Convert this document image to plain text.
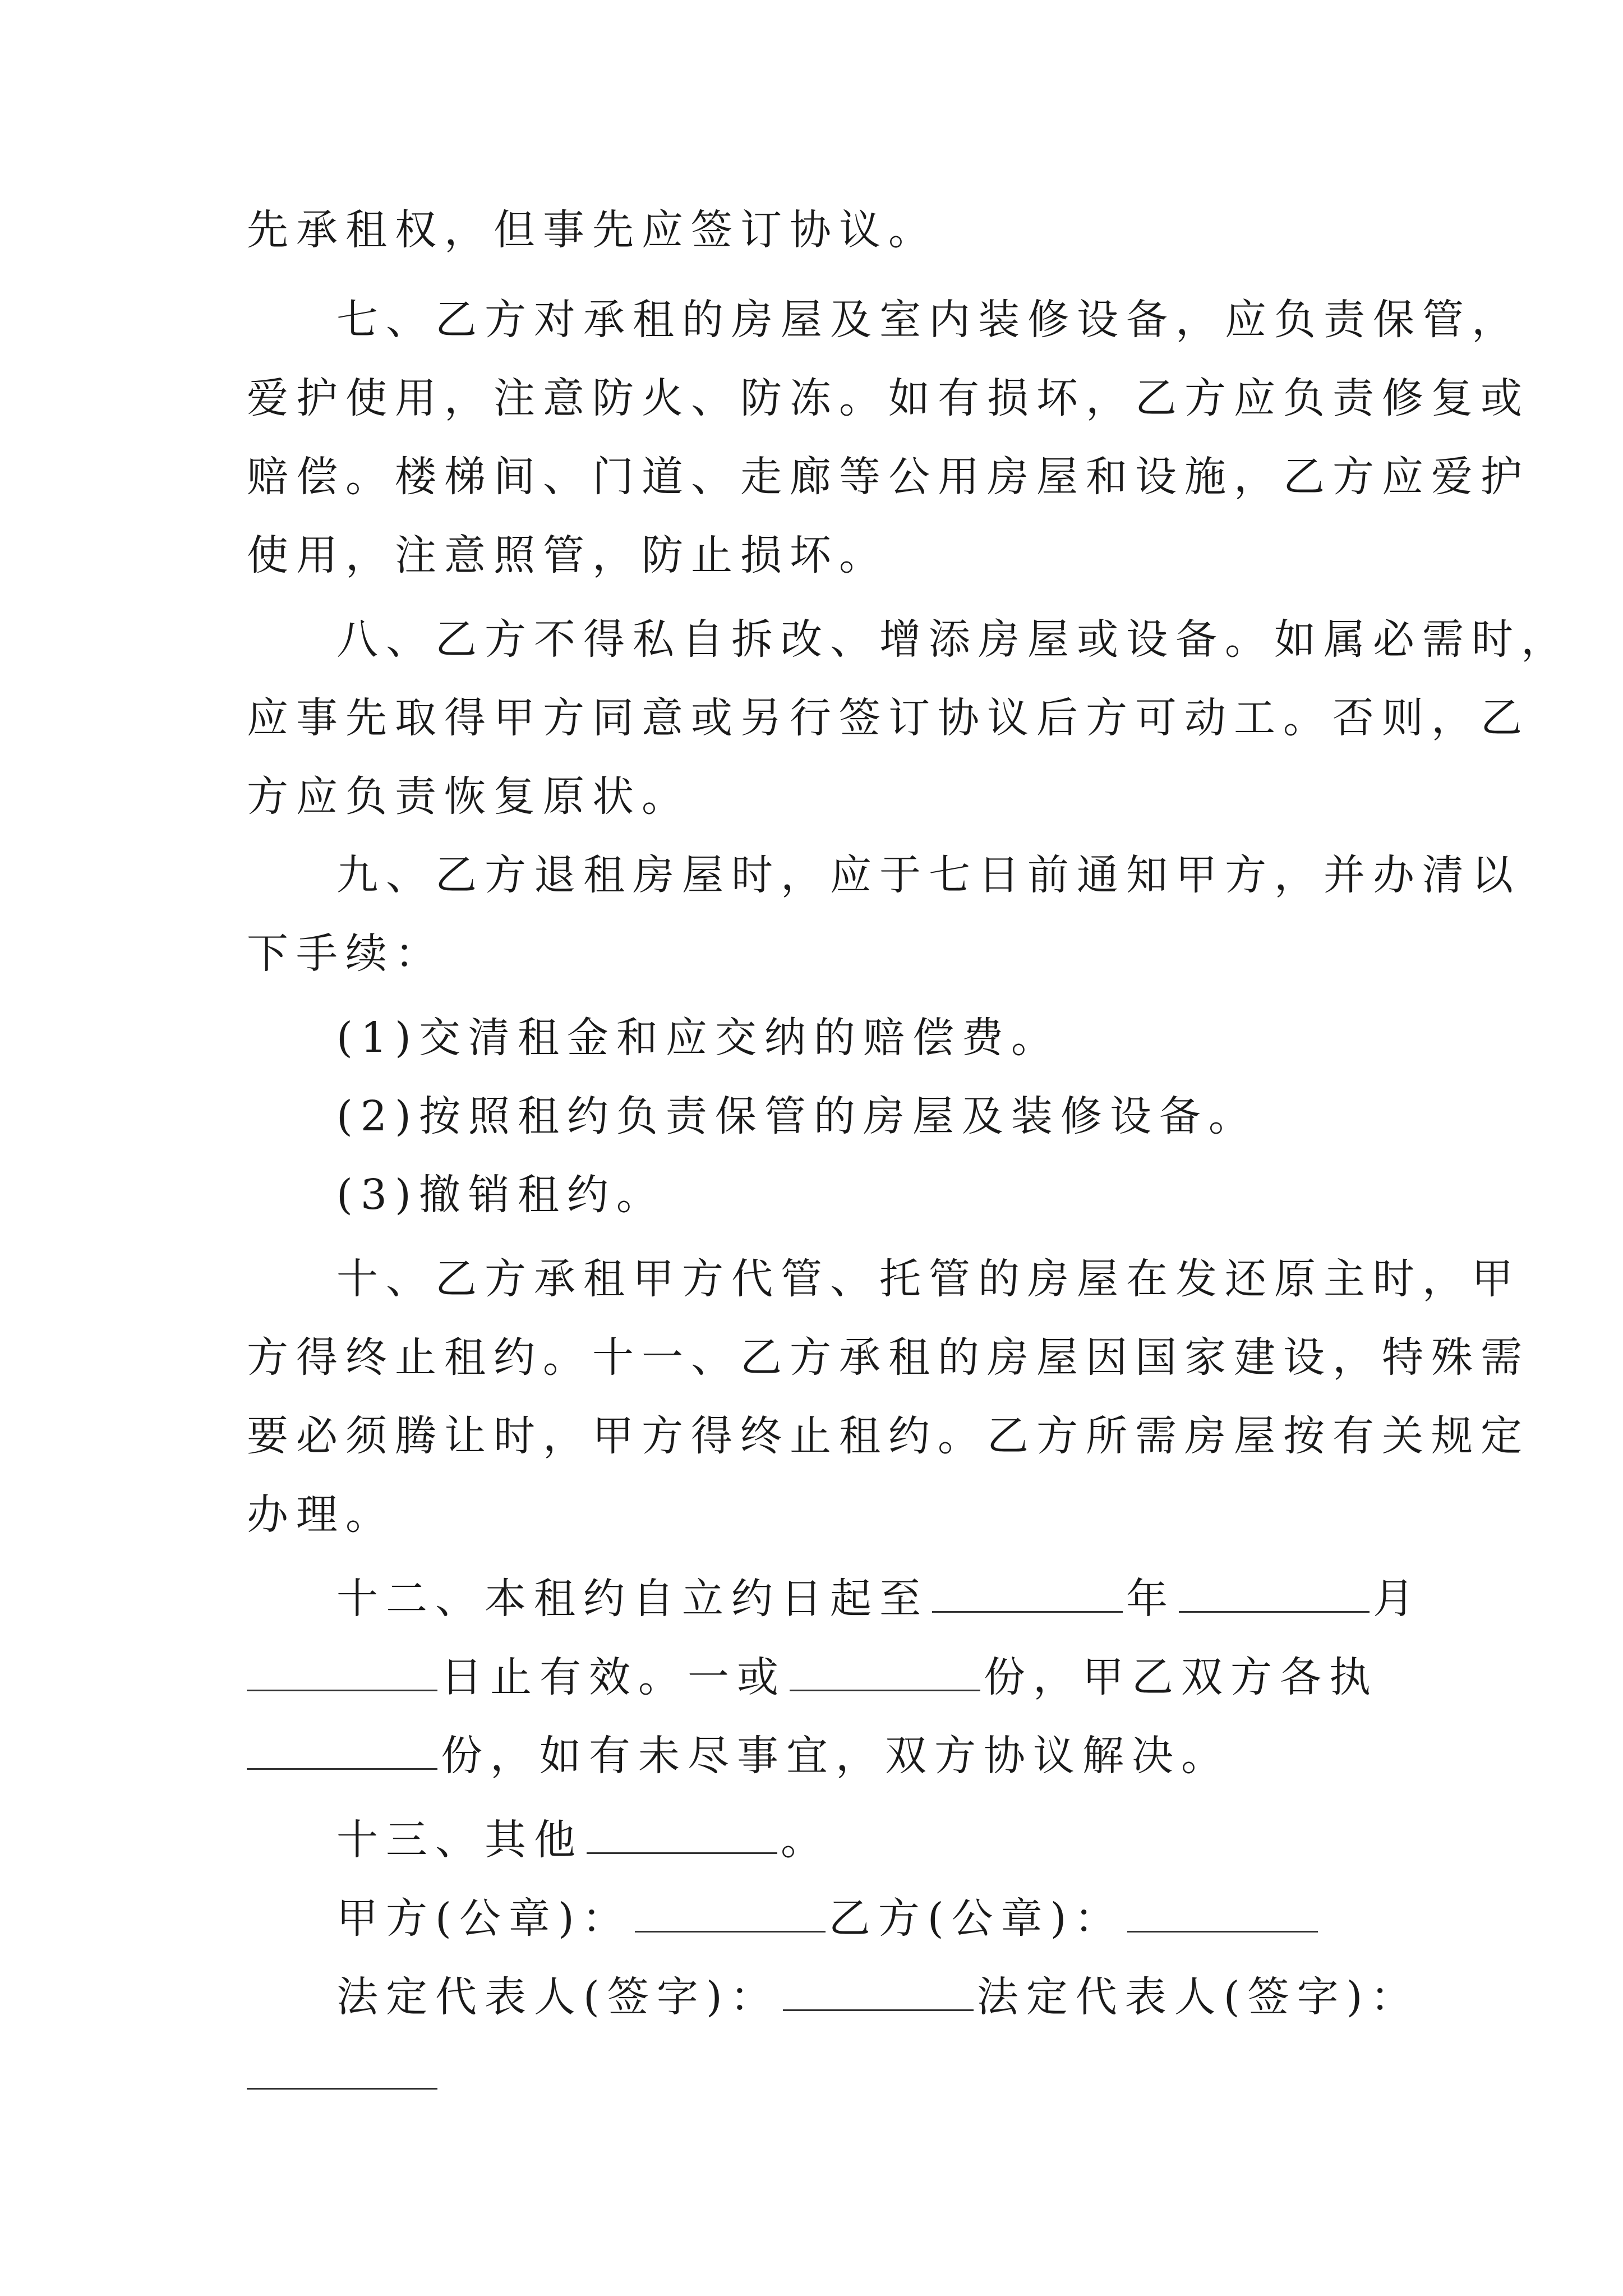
先承租权，但事先应签订协议。
七、乙方对承租的房屋及室内装修设备，应负责保管，
爱护使用，注意防火、防冻。如有损坏，乙方应负责修复或
赔偿。楼梯间、门道、走廊等公用房屋和设施，乙方应爱护
使用，注意照管，防止损坏。
八、乙方不得私自拆改、增添房屋或设备。如属必需时，
应事先取得甲方同意或另行签订协议后方可动工。否则，乙
方应负责恢复原状。
九、乙方退租房屋时，应于七日前通知甲方，并办清以
下手续：
(1)交清租金和应交纳的赔偿费。
(2)按照租约负责保管的房屋及装修设备。
(3)撤销租约。
十、乙方承租甲方代管、托管的房屋在发还原主时，甲
方得终止租约。十一、乙方承租的房屋因国家建设，特殊需
要必须腾让时，甲方得终止租约。乙方所需房屋按有关规定
办理。
十二、本租约自立约日起至	年	月
日止有效。一或	份，甲乙双方各执
份，如有未尽事宜，双方协议解决。
十三、其他	。
甲方(公章)：	乙方(公章)：
法定代表人(签字)：	法定代表人(签字)：
